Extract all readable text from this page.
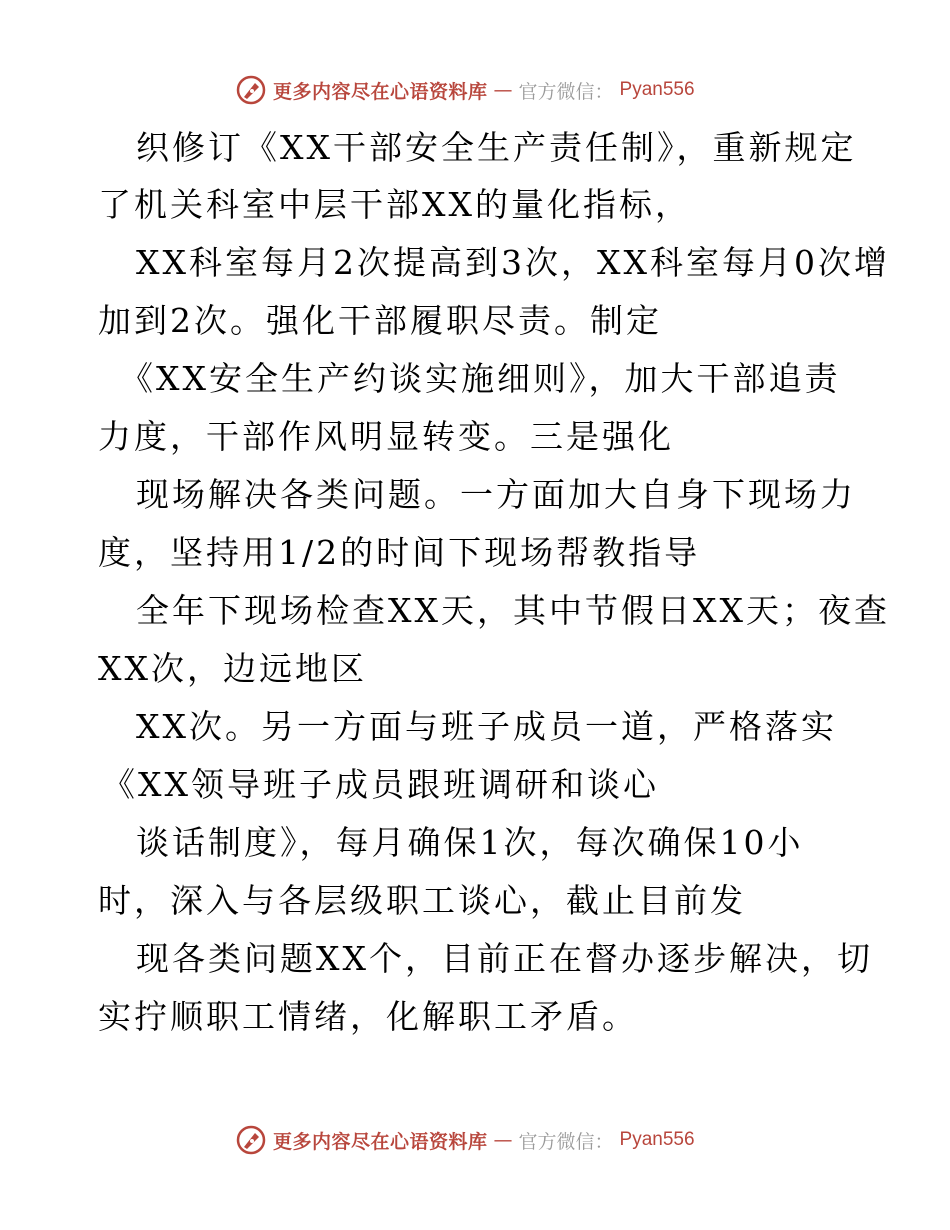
更多内容尽在心语资料库 — 官方微信： Pyan556
织修订《XX干部安全生产责任制》，重新规定
了机关科室中层干部XX的量化指标，
XX科室每月2次提高到3次，XX科室每月0次增
加到2次。强化干部履职尽责。制定
《XX安全生产约谈实施细则》，加大干部追责
力度，干部作风明显转变。三是强化
现场解决各类问题。一方面加大自身下现场力
度，坚持用1/2的时间下现场帮教指导
全年下现场检查XX天，其中节假日XX天；夜查
XX次，边远地区
XX次。另一方面与班子成员一道，严格落实
《XX领导班子成员跟班调研和谈心
谈话制度》，每月确保1次，每次确保10小
时，深入与各层级职工谈心，截止目前发
现各类问题XX个，目前正在督办逐步解决，切
实拧顺职工情绪，化解职工矛盾。
更多内容尽在心语资料库 — 官方微信： Pyan556
